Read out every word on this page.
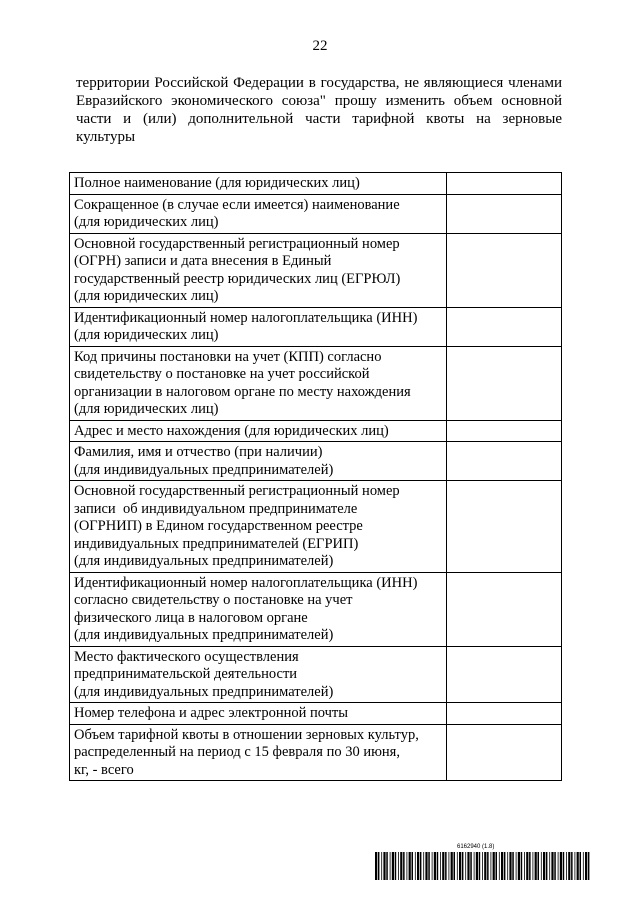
22
территории Российской Федерации в государства, не являющиеся членами
Евразийского экономического союза" прошу изменить объем основной
части и (или) дополнительной части тарифной квоты на зерновые
культуры
Полное наименование (для юридических лиц)	

Сокращенное (в случае если имеется) наименование
(для юридических лиц)	

Основной государственный регистрационный номер
(ОГРН) записи и дата внесения в Единый
государственный реестр юридических лиц (ЕГРЮЛ)
(для юридических лиц)	

Идентификационный номер налогоплательщика (ИНН)
(для юридических лиц)	

Код причины постановки на учет (КПП) согласно
свидетельству о постановке на учет российской
организации в налоговом органе по месту нахождения
(для юридических лиц)	

Адрес и место нахождения (для юридических лиц)	

Фамилия, имя и отчество (при наличии)
(для индивидуальных предпринимателей)	

Основной государственный регистрационный номер
записи  об индивидуальном предпринимателе
(ОГРНИП) в Едином государственном реестре
индивидуальных предпринимателей (ЕГРИП)
(для индивидуальных предпринимателей)	

Идентификационный номер налогоплательщика (ИНН)
согласно свидетельству о постановке на учет
физического лица в налоговом органе
(для индивидуальных предпринимателей)	

Место фактического осуществления
предпринимательской деятельности
(для индивидуальных предпринимателей)	

Номер телефона и адрес электронной почты	

Объем тарифной квоты в отношении зерновых культур,
распределенный на период с 15 февраля по 30 июня,
кг, - всего	

6162940 (1.8)
